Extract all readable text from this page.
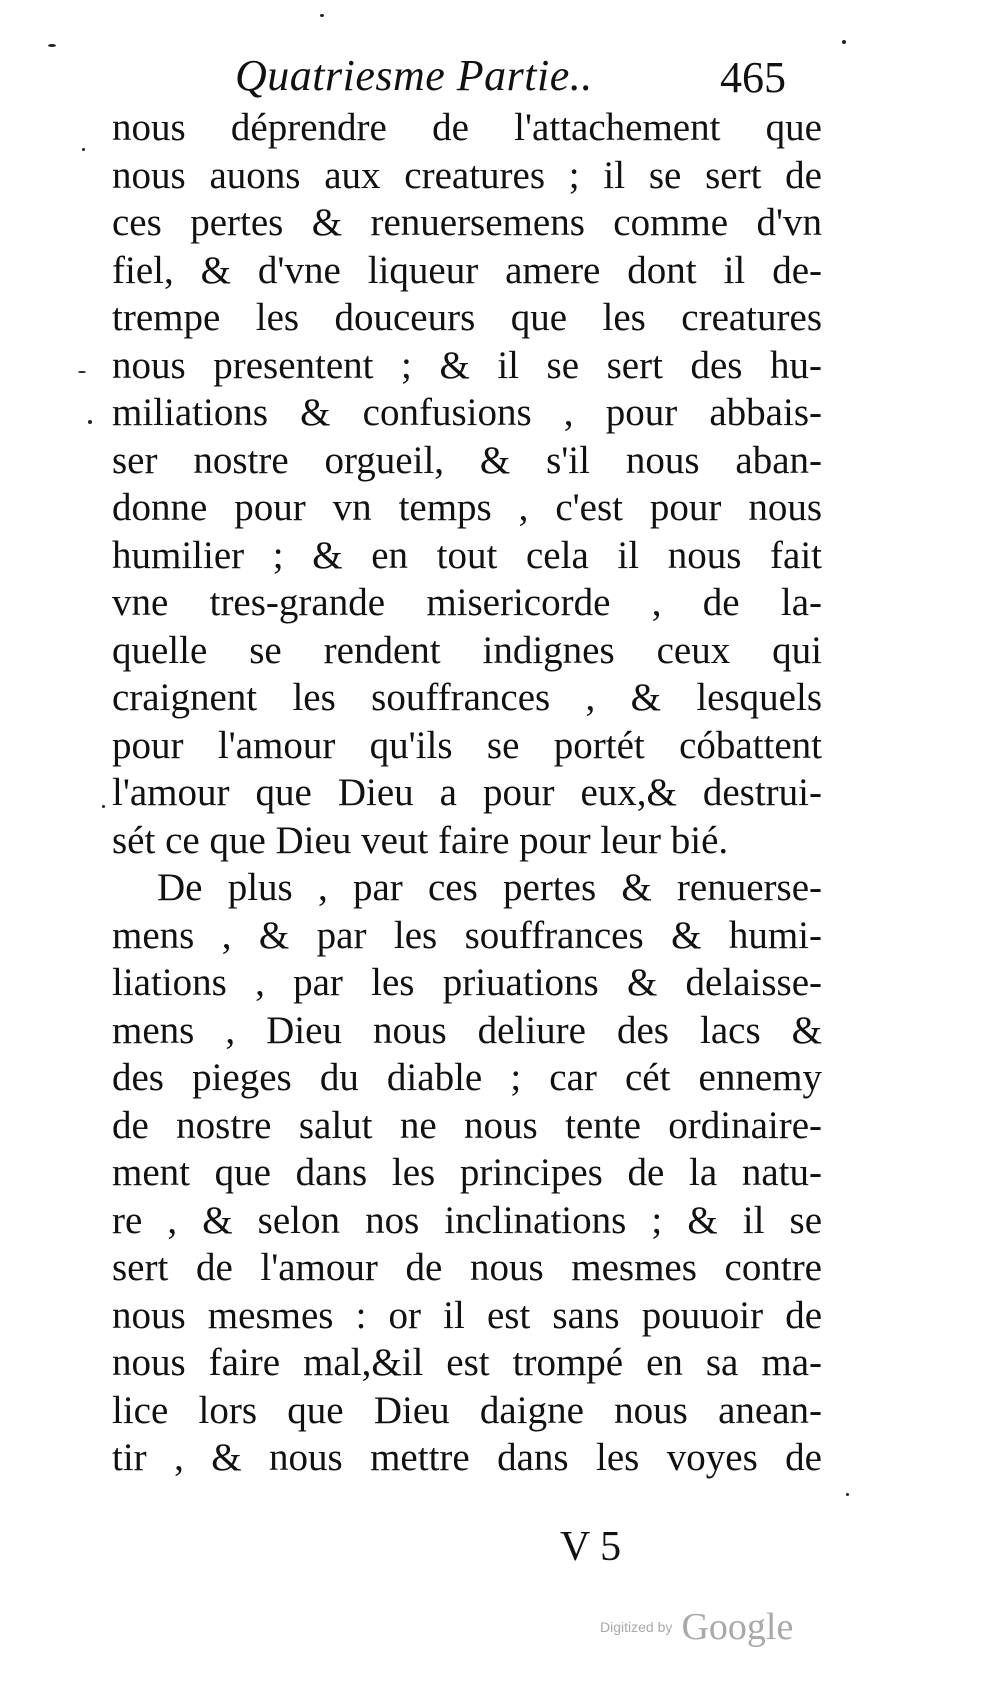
Quatriesme Partie..	465
nous déprendre de l'attachement que
nous auons aux creatures ; il se sert de
ces pertes & renuersemens comme d'vn
fiel, & d'vne liqueur amere dont il de-
trempe les douceurs que les creatures
nous presentent ; & il se sert des hu-
miliations & confusions , pour abbais-
ser nostre orgueil, & s'il nous aban-
donne pour vn temps , c'est pour nous
humilier ; & en tout cela il nous fait
vne tres-grande misericorde , de la-
quelle se rendent indignes ceux qui
craignent les souffrances , & lesquels
pour l'amour qu'ils se portét cóbattent
l'amour que Dieu a pour eux,& destrui-
sét ce que Dieu veut faire pour leur bié.
De plus , par ces pertes & renuerse-
mens , & par les souffrances & humi-
liations , par les priuations & delaisse-
mens , Dieu nous deliure des lacs &
des pieges du diable ; car cét ennemy
de nostre salut ne nous tente ordinaire-
ment que dans les principes de la natu-
re , & selon nos inclinations ; & il se
sert de l'amour de nous mesmes contre
nous mesmes : or il est sans pouuoir de
nous faire mal,&il est trompé en sa ma-
lice lors que Dieu daigne nous anean-
tir , & nous mettre dans les voyes de
V 5
Digitized by Google
